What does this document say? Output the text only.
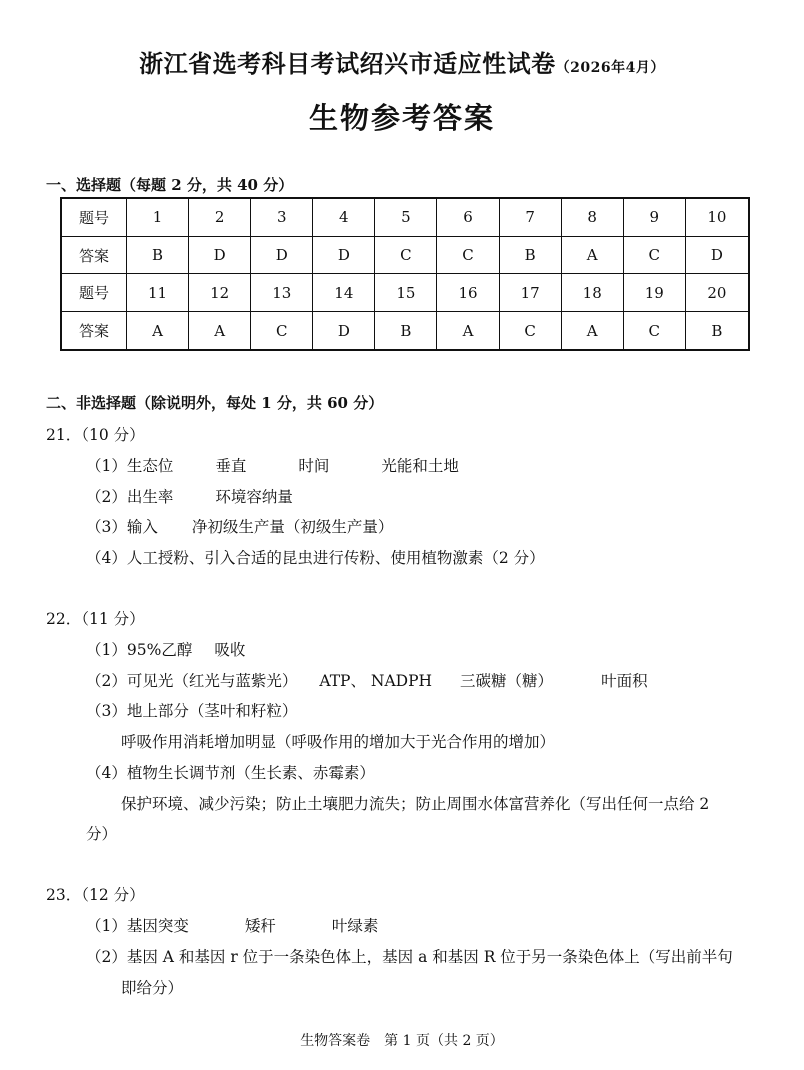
浙江省选考科目考试绍兴市适应性试卷（2026年4月）
生物参考答案
一、选择题（每题 2 分，共 40 分）
题号	1	2	3	4	5	6	7	8	9	10
答案	B	D	D	D	C	C	B	A	C	D
题号	11	12	13	14	15	16	17	18	19	20
答案	A	A	C	D	B	A	C	A	C	B
二、非选择题（除说明外，每处 1 分，共 60 分）
21．（10 分）
（1）生态位	垂直	时间	光能和土地
（2）出生率	环境容纳量
（3）输入 净初级生产量（初级生产量）
（4）人工授粉、引入合适的昆虫进行传粉、使用植物激素（2 分）
22．（11 分）
（1）95%乙醇 吸收
（2）可见光（红光与蓝紫光） ATP、 NADPH 三碳糖（糖）	叶面积
（3）地上部分（茎叶和籽粒）
呼吸作用消耗增加明显（呼吸作用的增加大于光合作用的增加）
（4）植物生长调节剂（生长素、赤霉素）
保护环境、减少污染；防止土壤肥力流失；防止周围水体富营养化（写出任何一点给 2
分）
23．（12 分）
（1）基因突变	矮秆	叶绿素
（2）基因 A 和基因 r 位于一条染色体上，基因 a 和基因 R 位于另一条染色体上（写出前半句
即给分）
生物答案卷　第 1 页（共 2 页）
